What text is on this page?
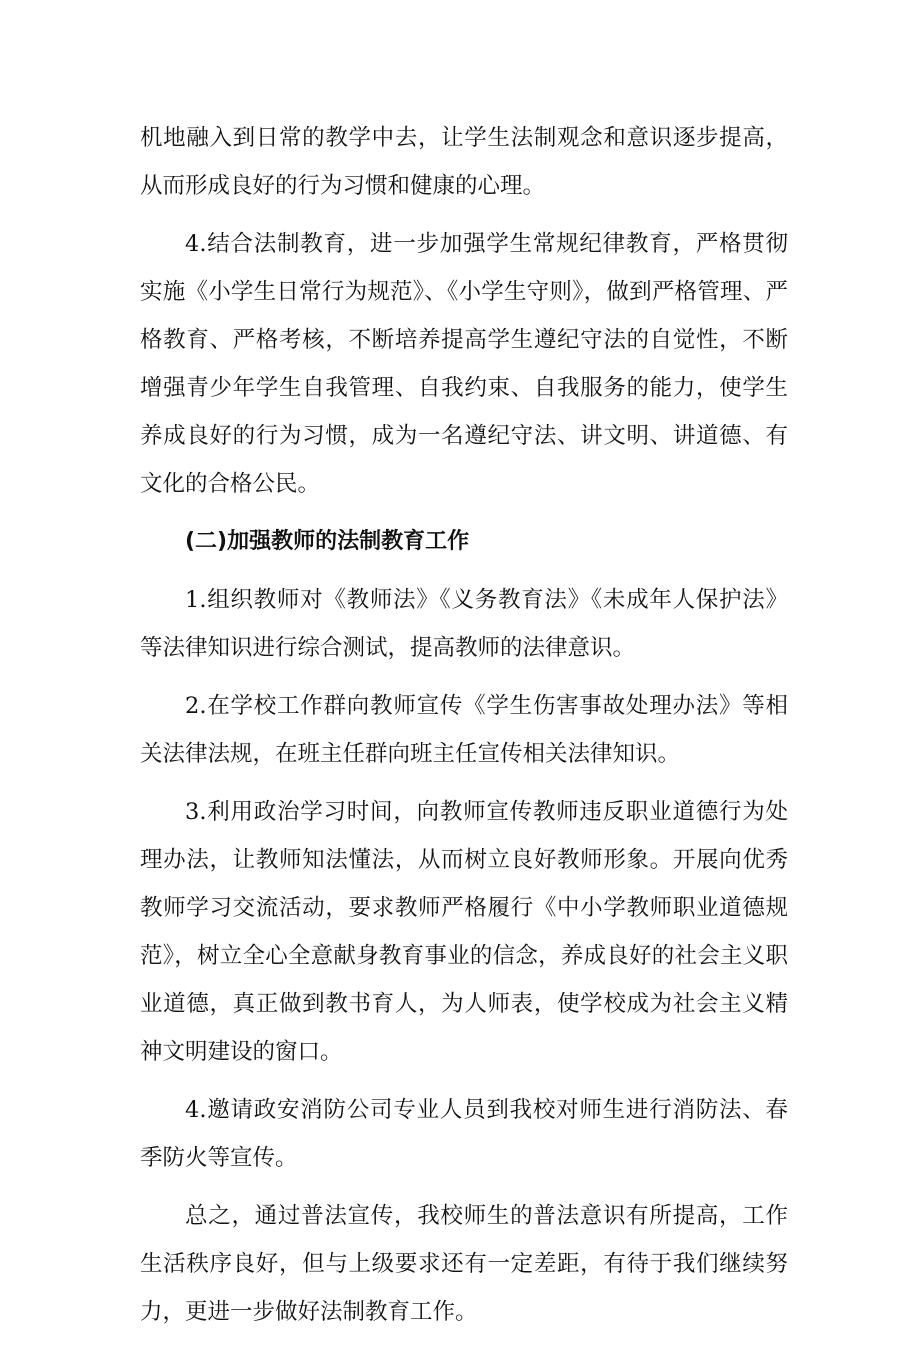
机地融入到日常的教学中去，让学生法制观念和意识逐步提高，从而形成良好的行为习惯和健康的心理。

4.结合法制教育，进一步加强学生常规纪律教育，严格贯彻实施《小学生日常行为规范》、《小学生守则》，做到严格管理、严格教育、严格考核，不断培养提高学生遵纪守法的自觉性，不断增强青少年学生自我管理、自我约束、自我服务的能力，使学生养成良好的行为习惯，成为一名遵纪守法、讲文明、讲道德、有文化的合格公民。

(二)加强教师的法制教育工作

1.组织教师对《教师法》《义务教育法》《未成年人保护法》等法律知识进行综合测试，提高教师的法律意识。

2.在学校工作群向教师宣传《学生伤害事故处理办法》等相关法律法规，在班主任群向班主任宣传相关法律知识。

3.利用政治学习时间，向教师宣传教师违反职业道德行为处理办法，让教师知法懂法，从而树立良好教师形象。开展向优秀教师学习交流活动，要求教师严格履行《中小学教师职业道德规范》，树立全心全意献身教育事业的信念，养成良好的社会主义职业道德，真正做到教书育人，为人师表，使学校成为社会主义精神文明建设的窗口。

4.邀请政安消防公司专业人员到我校对师生进行消防法、春季防火等宣传。

总之，通过普法宣传，我校师生的普法意识有所提高，工作生活秩序良好，但与上级要求还有一定差距，有待于我们继续努力，更进一步做好法制教育工作。
